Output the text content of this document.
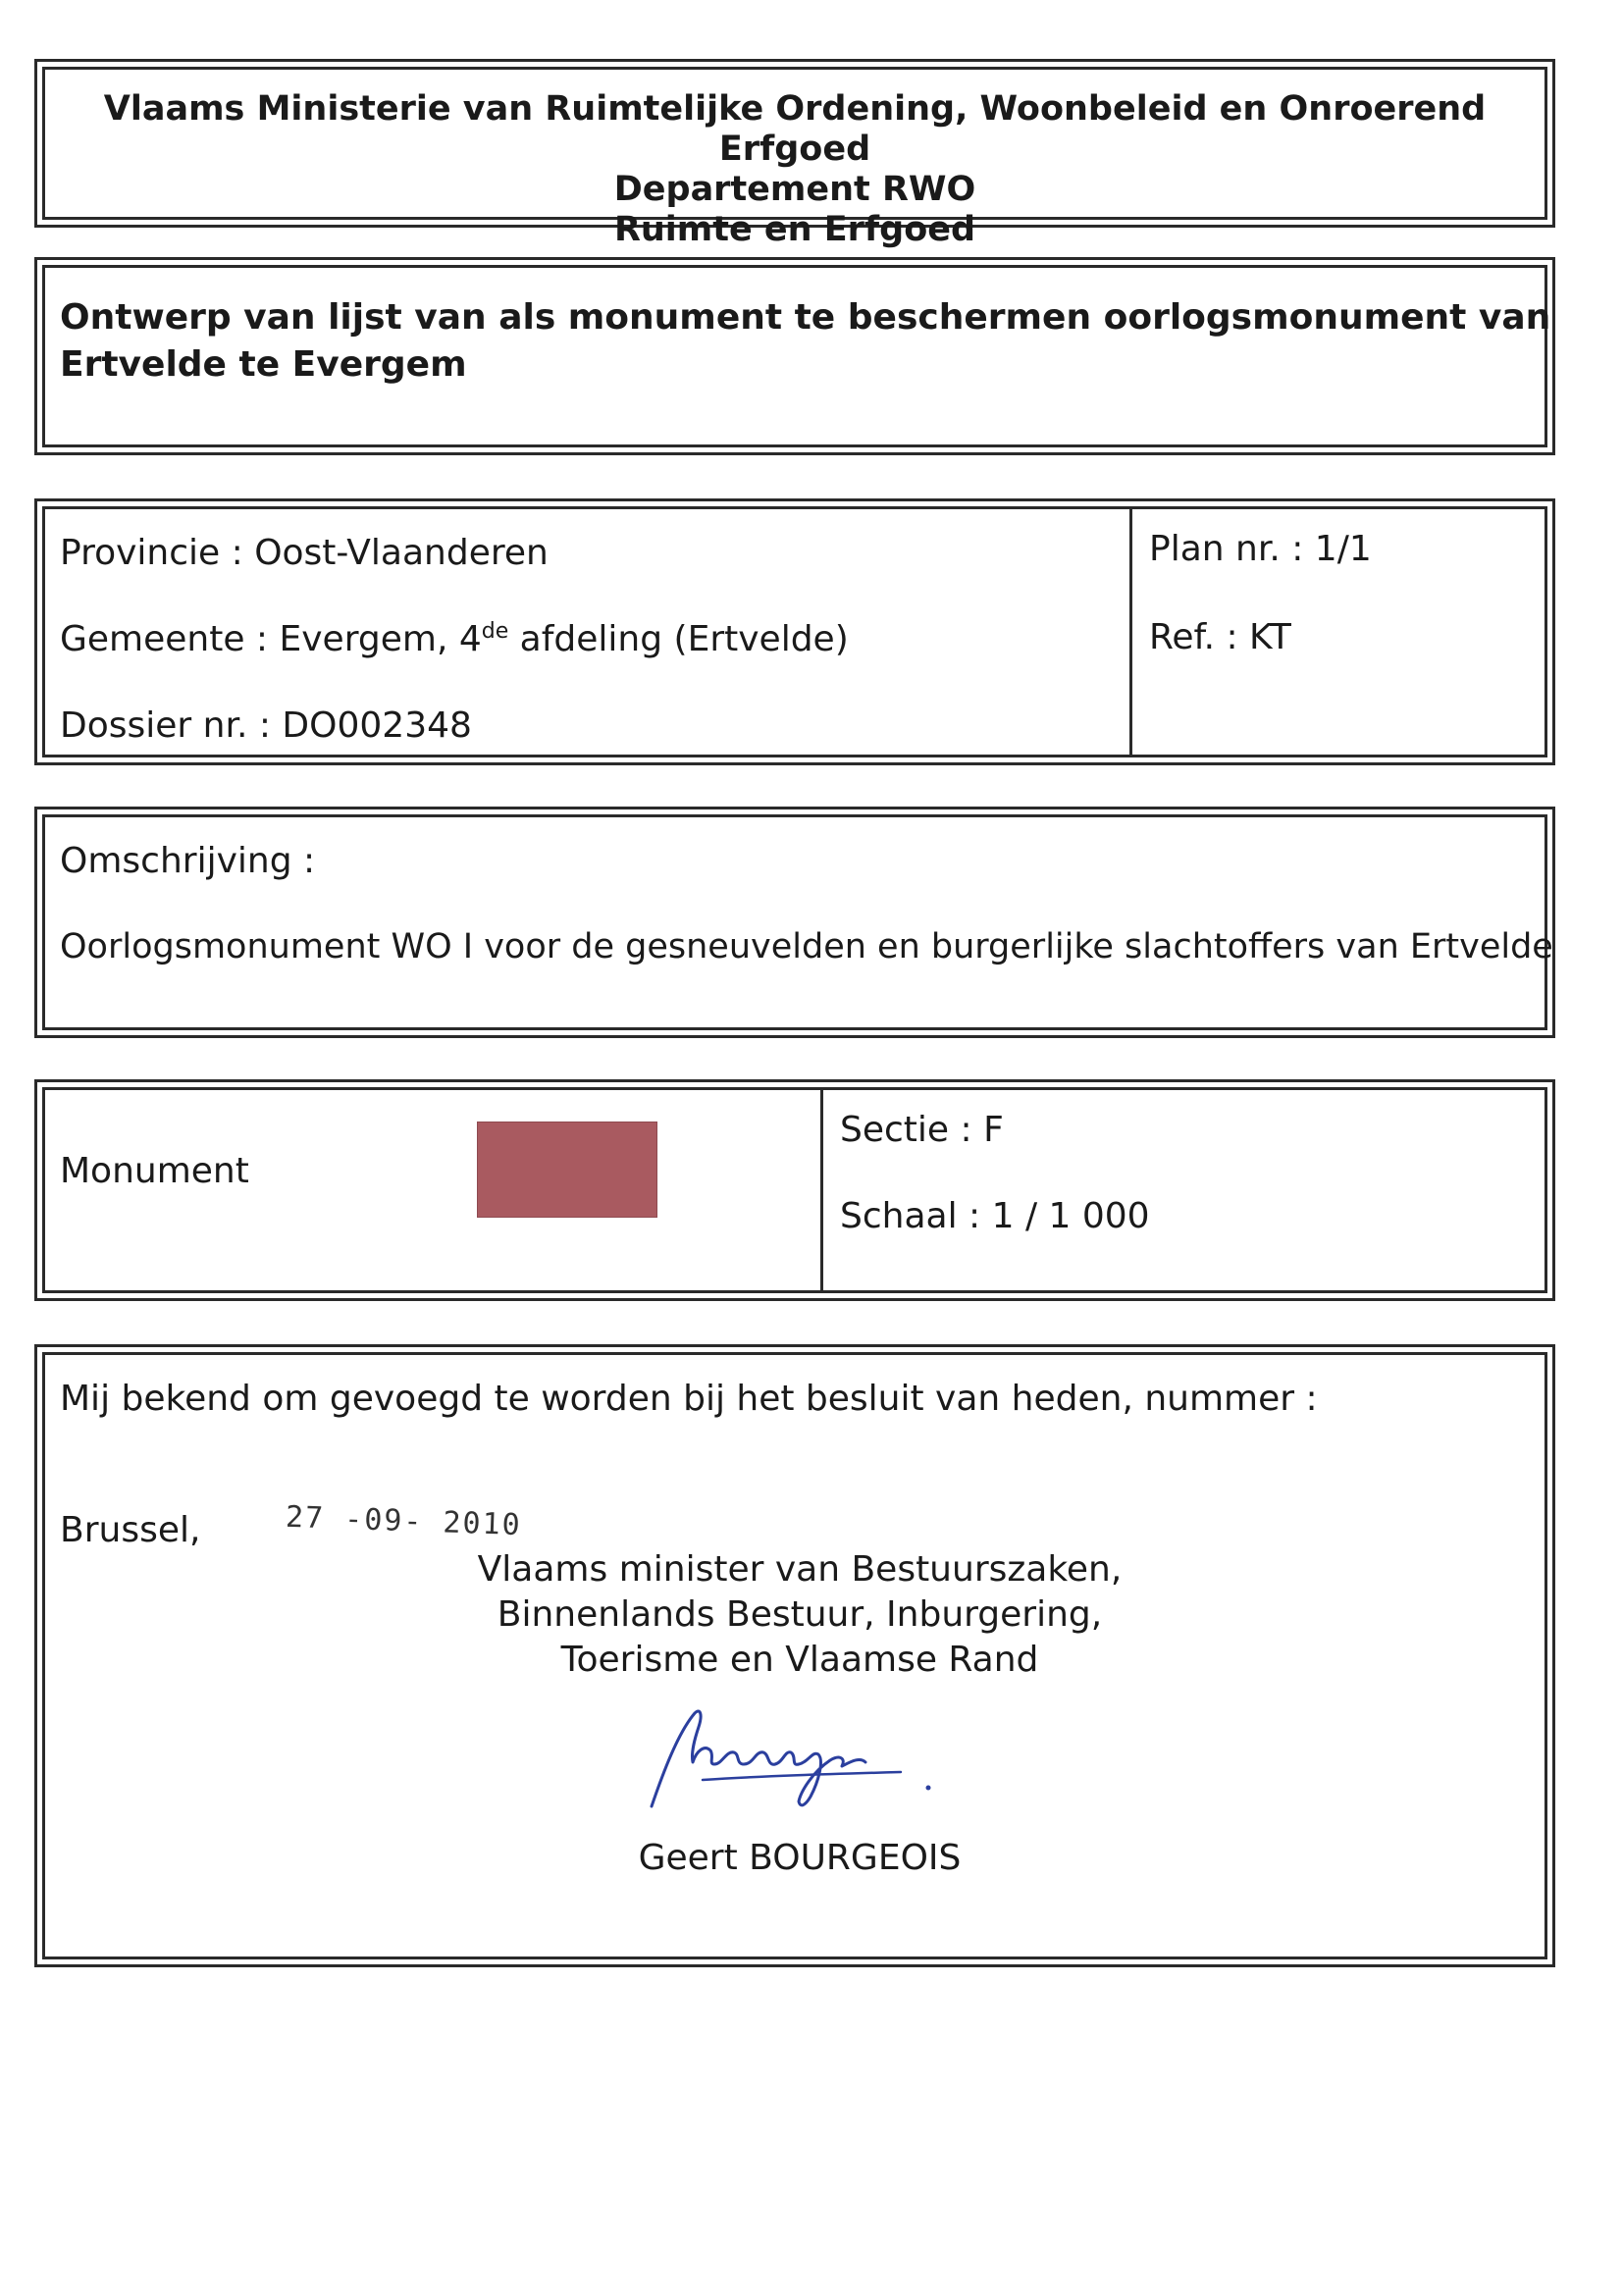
Vlaams Ministerie van Ruimtelijke Ordening, Woonbeleid en Onroerend Erfgoed
Departement RWO
Ruimte en Erfgoed
Ontwerp van lijst van als monument te beschermen oorlogsmonument van
Ertvelde te Evergem
Provincie : Oost-Vlaanderen
Gemeente : Evergem, 4de afdeling (Ertvelde)
Dossier nr. : DO002348
Plan nr. : 1/1
Ref. : KT
Omschrijving :
Oorlogsmonument WO I voor de gesneuvelden en burgerlijke slachtoffers van Ertvelde
Monument
Sectie : F
Schaal : 1 / 1 000
Mij bekend om gevoegd te worden bij het besluit van heden, nummer :
Brussel,	27 -09- 2010
Vlaams minister van Bestuurszaken,
Binnenlands Bestuur, Inburgering,
Toerisme en Vlaamse Rand
Geert BOURGEOIS
